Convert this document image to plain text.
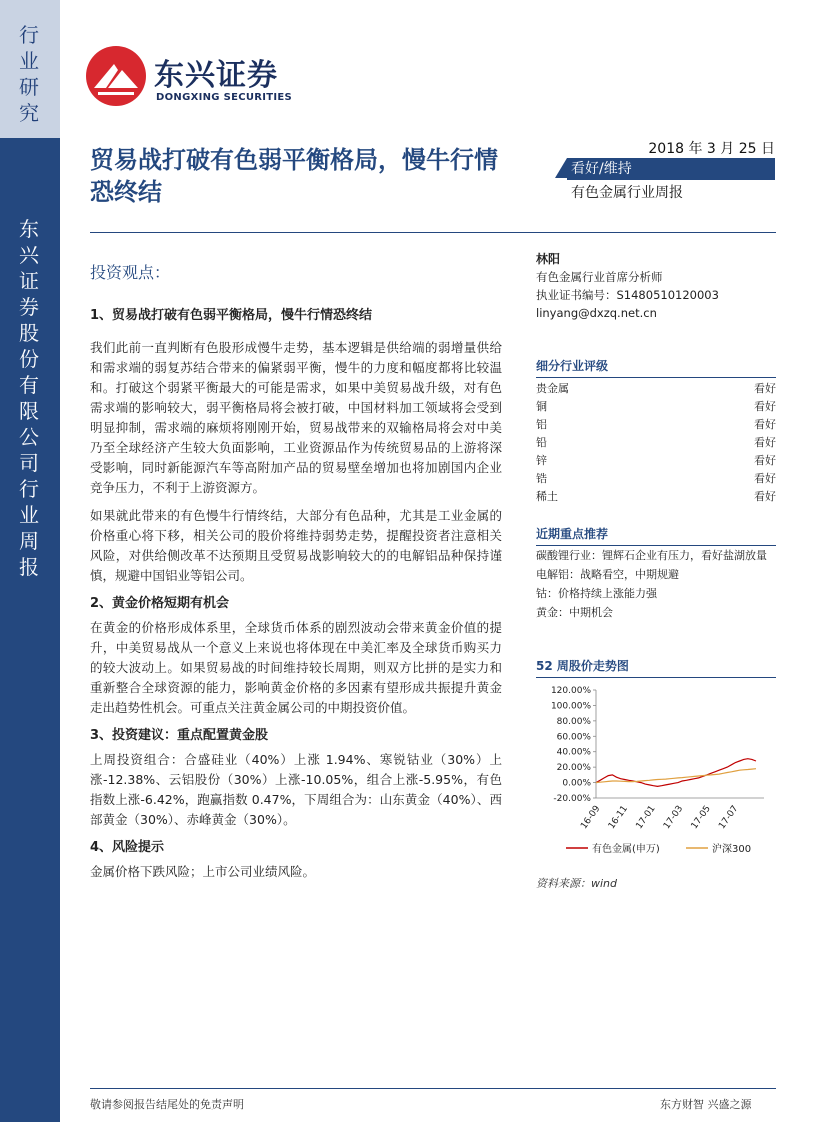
行
业
研
究
东
兴
证
券
股
份
有
限
公
司
行
业
周
报
东兴证券
DONGXING SECURITIES
贸易战打破有色弱平衡格局，慢牛行情恐终结
2018 年 3 月 25 日
看好/维持
有色金属行业周报
投资观点：
1、贸易战打破有色弱平衡格局，慢牛行情恐终结
我们此前一直判断有色股形成慢牛走势，基本逻辑是供给端的弱增量供给和需求端的弱复苏结合带来的偏紧弱平衡，慢牛的力度和幅度都将比较温和。打破这个弱紧平衡最大的可能是需求，如果中美贸易战升级，对有色需求端的影响较大，弱平衡格局将会被打破，中国材料加工领域将会受到明显抑制，需求端的麻烦将刚刚开始，贸易战带来的双输格局将会对中美乃至全球经济产生较大负面影响，工业资源品作为传统贸易品的上游将深受影响，同时新能源汽车等高附加产品的贸易壁垒增加也将加剧国内企业竞争压力，不利于上游资源方。
如果就此带来的有色慢牛行情终结，大部分有色品种，尤其是工业金属的价格重心将下移，相关公司的股价将维持弱势走势，提醒投资者注意相关风险，对供给侧改革不达预期且受贸易战影响较大的的电解铝品种保持谨慎，规避中国铝业等铝公司。
2、黄金价格短期有机会
在黄金的价格形成体系里，全球货币体系的剧烈波动会带来黄金价值的提升，中美贸易战从一个意义上来说也将体现在中美汇率及全球货币购买力的较大波动上。如果贸易战的时间维持较长周期，则双方比拼的是实力和重新整合全球资源的能力，影响黄金价格的多因素有望形成共振提升黄金走出趋势性机会。可重点关注黄金属公司的中期投资价值。
3、投资建议：重点配置黄金股
上周投资组合：合盛硅业（40%）上涨 1.94%、寒锐钴业（30%）上涨-12.38%、云铝股份（30%）上涨-10.05%，组合上涨-5.95%，有色指数上涨-6.42%，跑赢指数 0.47%，下周组合为：山东黄金（40%）、西部黄金（30%）、赤峰黄金（30%）。
4、风险提示
金属价格下跌风险；上市公司业绩风险。
林阳
有色金属行业首席分析师
执业证书编号：S1480510120003
linyang@dxzq.net.cn
细分行业评级
贵金属	看好
铜	看好
铝	看好
铅	看好
锌	看好
锆	看好
稀土	看好
近期重点推荐
碳酸锂行业：锂辉石企业有压力，看好盐湖放量
电解铝：战略看空，中期规避
钴：价格持续上涨能力强
黄金：中期机会
52 周股价走势图
120.00%
100.00%
80.00%
60.00%
40.00%
20.00%
0.00%
-20.00%
16-09 16-11 17-01 17-03 17-05 17-07
有色金属(申万)	沪深300
资料来源：wind
敬请参阅报告结尾处的免责声明	东方财智 兴盛之源
